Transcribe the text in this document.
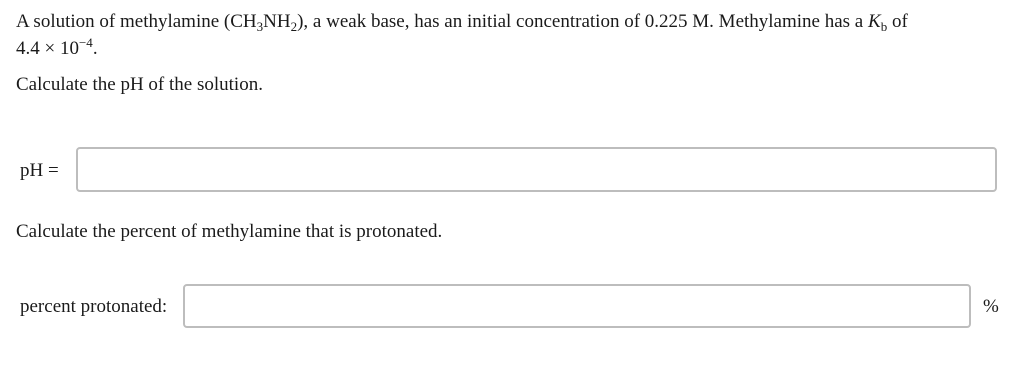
A solution of methylamine $(CH_3NH_2)$, a weak base, has an initial concentration of 0.225 M. Methylamine has a $K_b$ of
$4.4 \times 10^{-4}$.
Calculate the pH of the solution.
pH =
Calculate the percent of methylamine that is protonated.
percent protonated:	%
